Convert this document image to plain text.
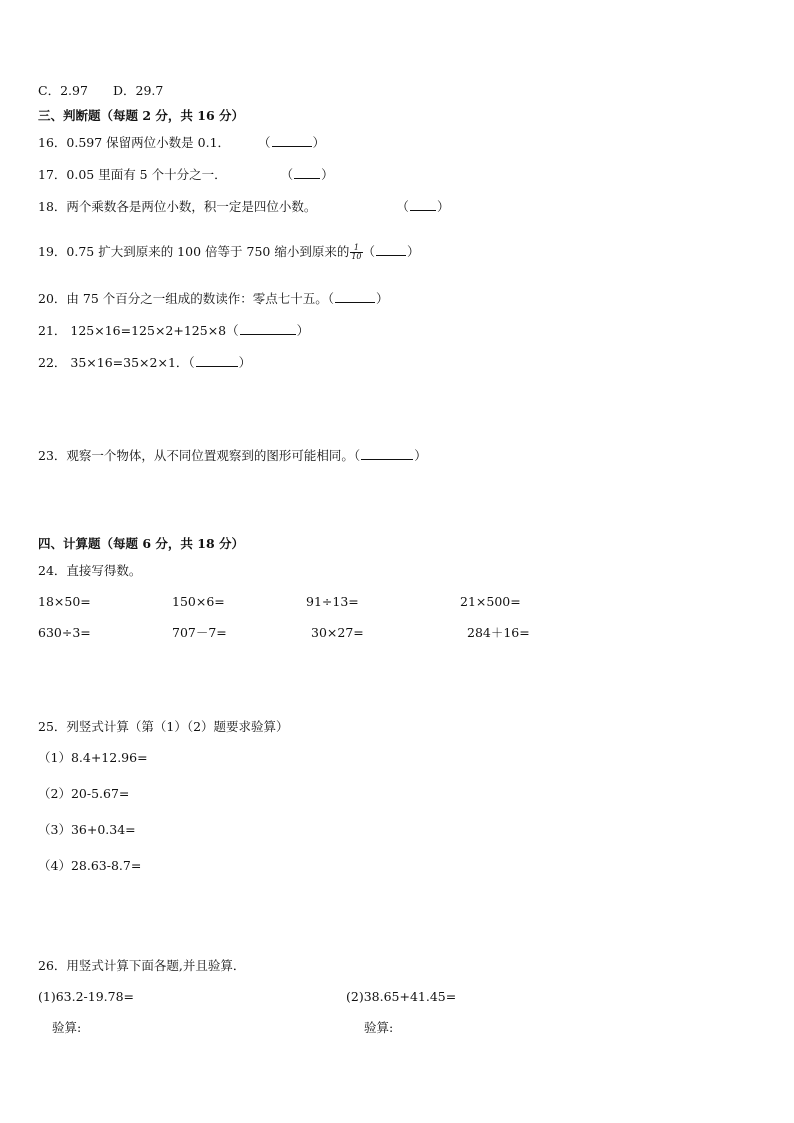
C．2.97 D．29.7
三、判断题（每题 2 分，共 16 分）
16．0.597 保留两位小数是 0.1． （	）
17．0.05 里面有 5 个十分之一．	（ ）
18．两个乘数各是两位小数，积一定是四位小数。	（ ）
19．0.75 扩大到原来的 100 倍等于 750 缩小到原来的 $\frac{1}{10}$ （	）
20．由 75 个百分之一组成的数读作：零点七十五。（	）
21． 125×16=125×2+125×8（	）
22． 35×16=35×2×1．（	）
23．观察一个物体，从不同位置观察到的图形可能相同。（	）
四、计算题（每题 6 分，共 18 分）
24．直接写得数。
18×50=	150×6=	91÷13=	21×500=
630÷3=	707－7=	30×27=	284＋16=
25．列竖式计算（第（1）（2）题要求验算）
（1）8.4+12.96=
（2）20-5.67=
（3）36+0.34=
（4）28.63-8.7=
26．用竖式计算下面各题,并且验算．
(1)63.2-19.78=	(2)38.65+41.45=
验算:	验算:
